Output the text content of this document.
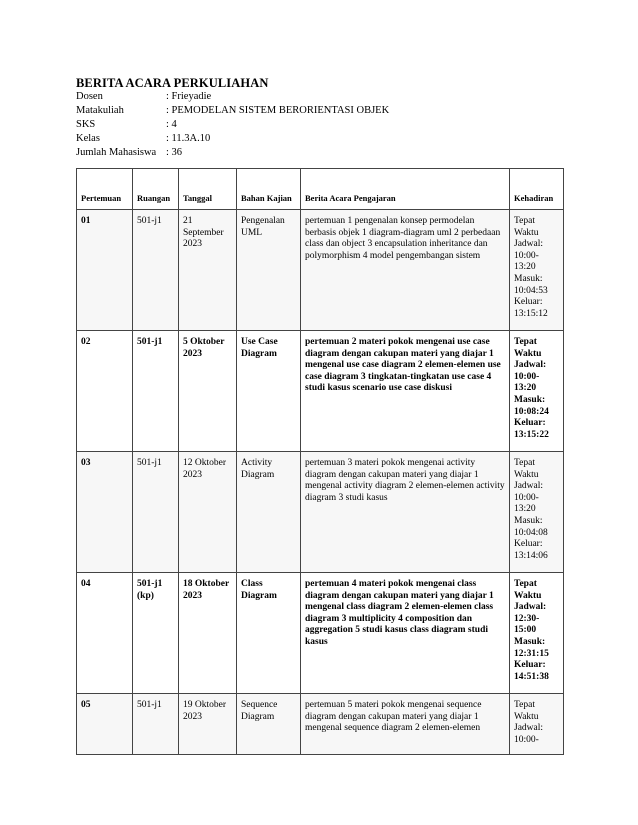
BERITA ACARA PERKULIAHAN
Dosen	: Frieyadie
Matakuliah	: PEMODELAN SISTEM BERORIENTASI OBJEK
SKS	: 4
Kelas	: 11.3A.10
Jumlah Mahasiswa : 36
Pertemuan	Ruangan	Tanggal	Bahan Kajian	Berita Acara Pengajaran	Kehadiran
01	501-j1	21 September 2023	Pengenalan UML	pertemuan 1 pengenalan konsep permodelan berbasis objek 1 diagram-diagram uml 2 perbedaan class dan object 3 encapsulation inheritance dan polymorphism 4 model pengembangan sistem	Tepat Waktu Jadwal: 10:00-13:20 Masuk: 10:04:53 Keluar: 13:15:12
02	501-j1	5 Oktober 2023	Use Case Diagram	pertemuan 2 materi pokok mengenai use case diagram dengan cakupan materi yang diajar 1 mengenal use case diagram 2 elemen-elemen use case diagram 3 tingkatan-tingkatan use case 4 studi kasus scenario use case diskusi	Tepat Waktu Jadwal: 10:00-13:20 Masuk: 10:08:24 Keluar: 13:15:22
03	501-j1	12 Oktober 2023	Activity Diagram	pertemuan 3 materi pokok mengenai activity diagram dengan cakupan materi yang diajar 1 mengenal activity diagram 2 elemen-elemen activity diagram 3 studi kasus	Tepat Waktu Jadwal: 10:00-13:20 Masuk: 10:04:08 Keluar: 13:14:06
04	501-j1 (kp)	18 Oktober 2023	Class Diagram	pertemuan 4 materi pokok mengenai class diagram dengan cakupan materi yang diajar 1 mengenal class diagram 2 elemen-elemen class diagram 3 multiplicity 4 composition dan aggregation 5 studi kasus class diagram studi kasus	Tepat Waktu Jadwal: 12:30-15:00 Masuk: 12:31:15 Keluar: 14:51:38
05	501-j1	19 Oktober 2023	Sequence Diagram	pertemuan 5 materi pokok mengenai sequence diagram dengan cakupan materi yang diajar 1 mengenal sequence diagram 2 elemen-elemen	Tepat Waktu Jadwal: 10:00-
